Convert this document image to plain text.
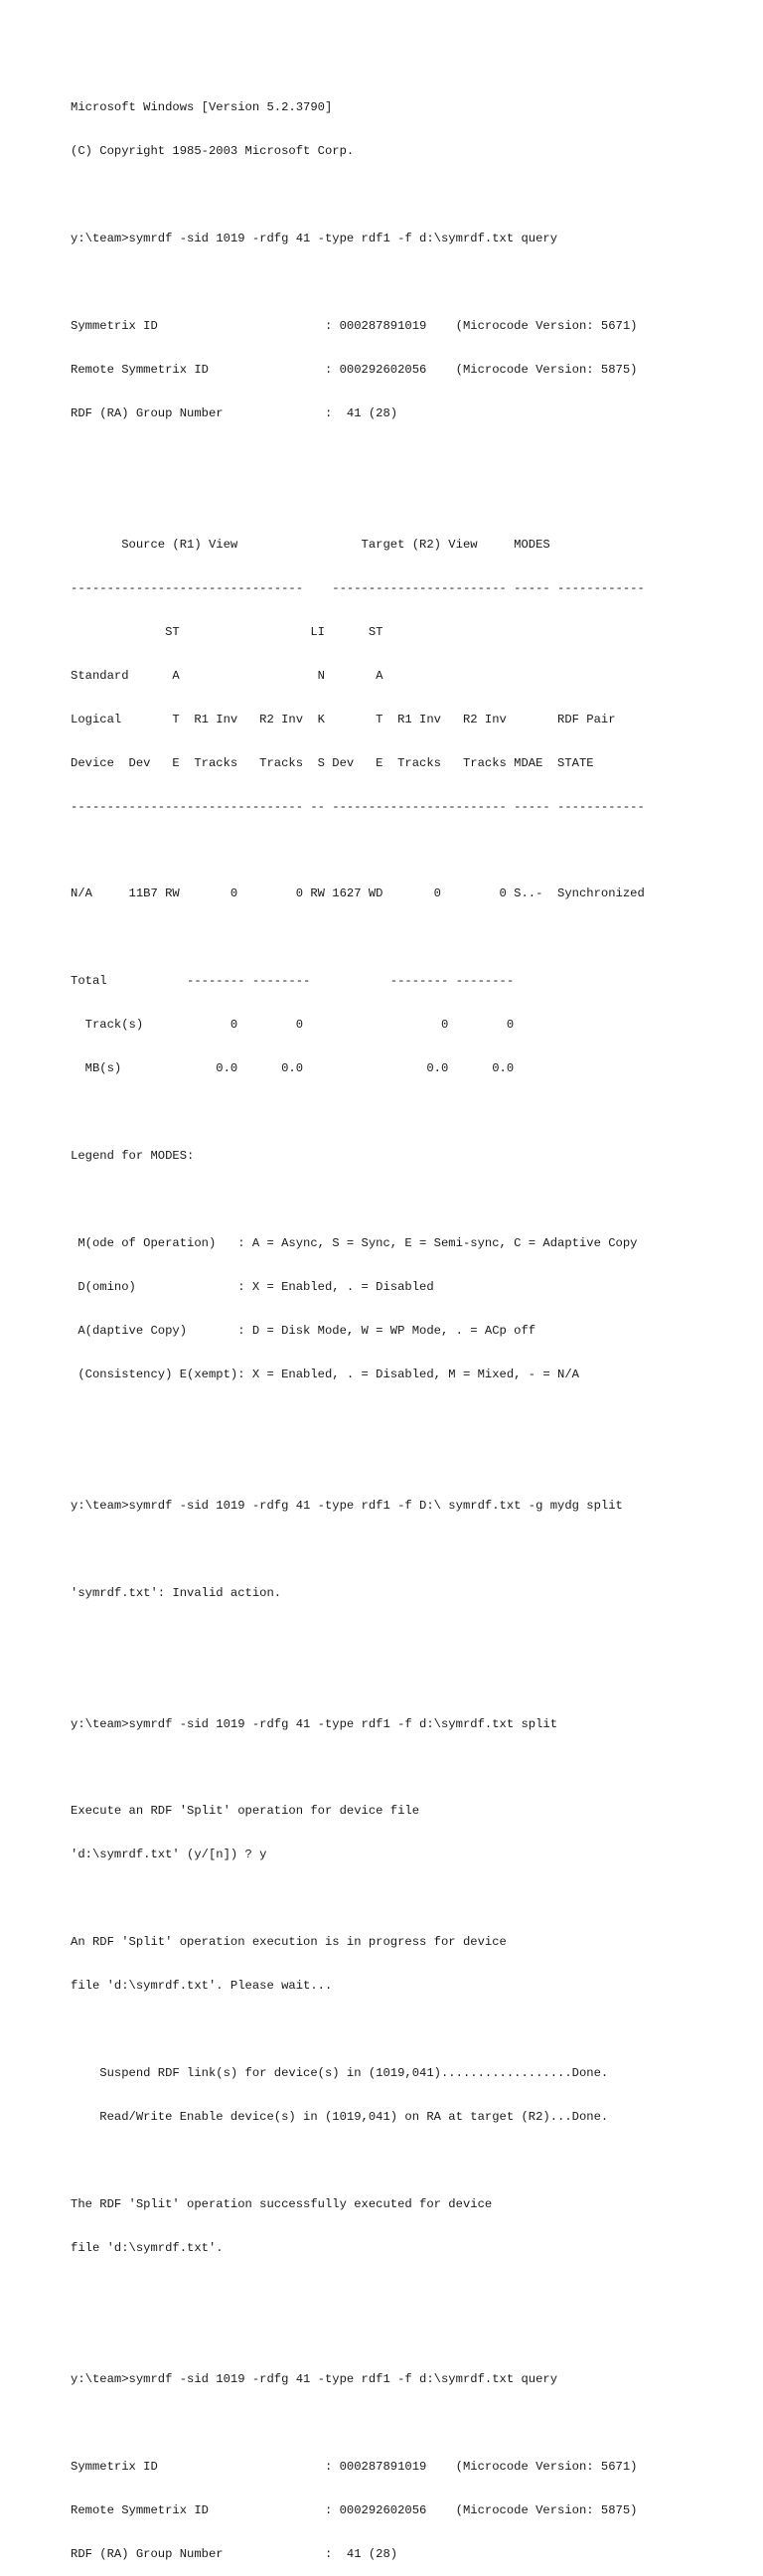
Microsoft Windows [Version 5.2.3790]

(C) Copyright 1985-2003 Microsoft Corp.

y:\team>symrdf -sid 1019 -rdfg 41 -type rdf1 -f d:\symrdf.txt query

Symmetrix ID                       : 000287891019    (Microcode Version: 5671)

Remote Symmetrix ID                : 000292602056    (Microcode Version: 5875)

RDF (RA) Group Number              :  41 (28)

Source (R1) View                 Target (R2) View     MODES

--------------------------------    ------------------------ ----- ------------

ST                  LI      ST

Standard      A                   N       A

Logical       T  R1 Inv   R2 Inv  K       T  R1 Inv   R2 Inv       RDF Pair

Device  Dev   E  Tracks   Tracks  S Dev   E  Tracks   Tracks MDAE  STATE

-------------------------------- -- ------------------------ ----- ------------

N/A     11B7 RW       0        0 RW 1627 WD       0        0 S..-  Synchronized

Total           -------- --------           -------- --------

Track(s)            0        0                   0        0

MB(s)             0.0      0.0                 0.0      0.0

Legend for MODES:

M(ode of Operation)   : A = Async, S = Sync, E = Semi-sync, C = Adaptive Copy

D(omino)              : X = Enabled, . = Disabled

A(daptive Copy)       : D = Disk Mode, W = WP Mode, . = ACp off

(Consistency) E(xempt): X = Enabled, . = Disabled, M = Mixed, - = N/A

y:\team>symrdf -sid 1019 -rdfg 41 -type rdf1 -f D:\ symrdf.txt -g mydg split

'symrdf.txt': Invalid action.

y:\team>symrdf -sid 1019 -rdfg 41 -type rdf1 -f d:\symrdf.txt split

Execute an RDF 'Split' operation for device file

'd:\symrdf.txt' (y/[n]) ? y

An RDF 'Split' operation execution is in progress for device

file 'd:\symrdf.txt'. Please wait...

Suspend RDF link(s) for device(s) in (1019,041)..................Done.

Read/Write Enable device(s) in (1019,041) on RA at target (R2)...Done.

The RDF 'Split' operation successfully executed for device

file 'd:\symrdf.txt'.

y:\team>symrdf -sid 1019 -rdfg 41 -type rdf1 -f d:\symrdf.txt query

Symmetrix ID                       : 000287891019    (Microcode Version: 5671)

Remote Symmetrix ID                : 000292602056    (Microcode Version: 5875)

RDF (RA) Group Number              :  41 (28)
